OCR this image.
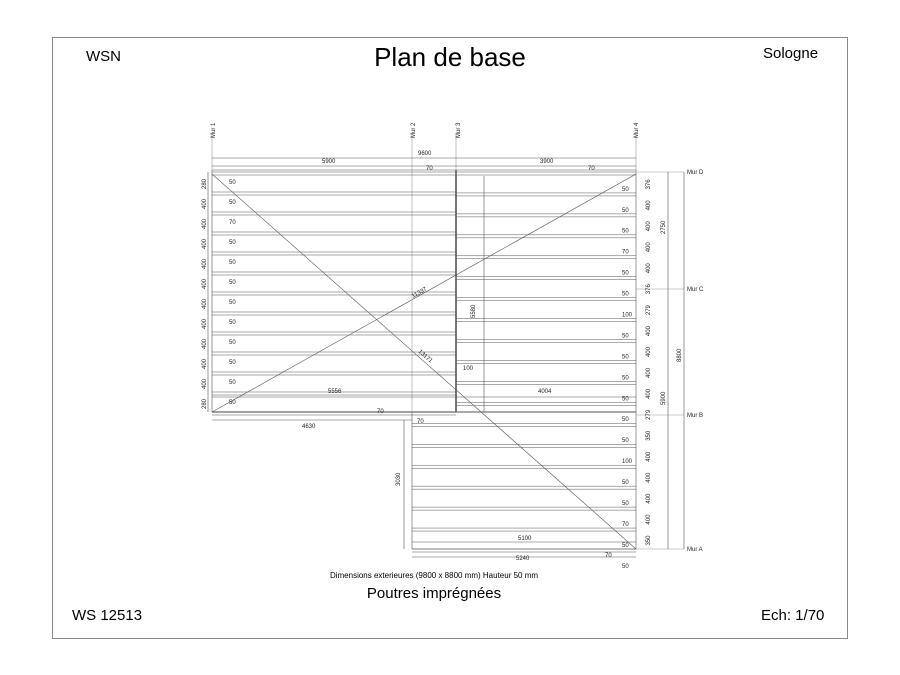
WSN	Plan de base	Sologne
WS 12513	Ech: 1/70
Dimensions exterieures (9800 x 8800 mm) Hauteur 50 mm
Poutres imprégnées
280
400
400
400
400
400
400
400
400
400
400
280
50
50
70
50
50
50
50
50
50
50
50
50
376
400
400
400
400
376
279
400
400
400
400
279
350
400
400
400
400
350
50
50
50
70
50
50
100
50
50
50
50
50
50
100
50
50
70
50
50
Mur 1	Mur 2	Mur 3	Mur 4
Mur D
Mur C
Mur B
Mur A
9600
5900	3900
70	70
5556	4004
4630
70
70
5100
5240	70
8800
2750
5900
3030
5580
11337
13171
100
